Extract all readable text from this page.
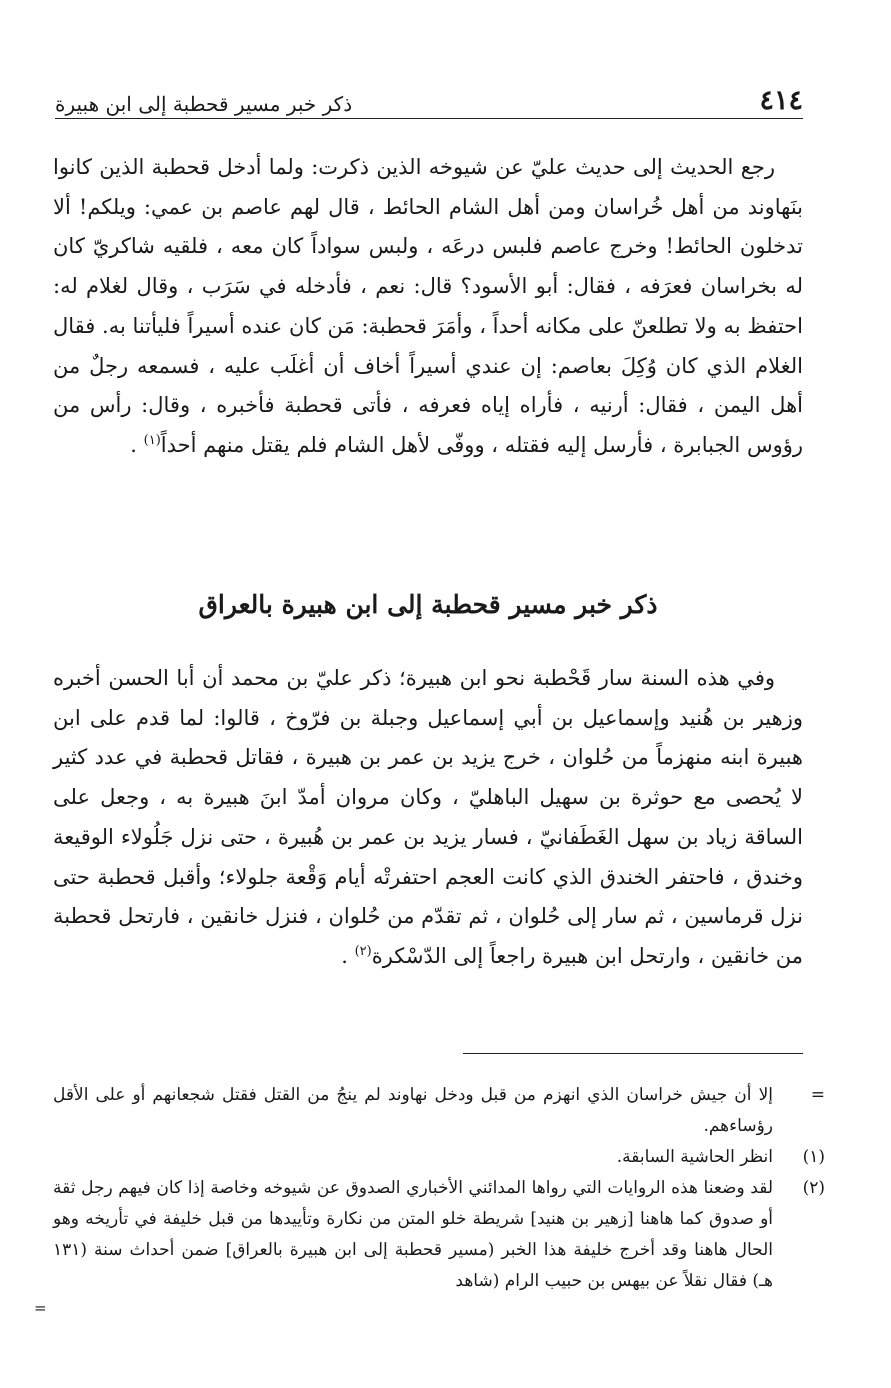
٤١٤
ذكر خبر مسير قحطبة إلى ابن هبيرة

رجع الحديث إلى حديث عليّ عن شيوخه الذين ذكرت: ولما أدخل قحطبة الذين كانوا بنَهاوند من أهل خُراسان ومن أهل الشام الحائط ، قال لهم عاصم بن عمي: ويلكم! ألا تدخلون الحائط! وخرج عاصم فلبس درعَه ، ولبس سواداً كان معه ، فلقيه شاكريّ كان له بخراسان فعرَفه ، فقال: أبو الأسود؟ قال: نعم ، فأدخله في سَرَب ، وقال لغلام له: احتفظ به ولا تطلعنّ على مكانه أحداً ، وأمَرَ قحطبة: مَن كان عنده أسيراً فليأتنا به. فقال الغلام الذي كان وُكِلَ بعاصم: إن عندي أسيراً أخاف أن أغلَب عليه ، فسمعه رجلٌ من أهل اليمن ، فقال: أرنيه ، فأراه إياه فعرفه ، فأتى قحطبة فأخبره ، وقال: رأس من رؤوس الجبابرة ، فأرسل إليه فقتله ، ووفّى لأهل الشام فلم يقتل منهم أحداً$^{(١)}$ .

ذكر خبر مسير قحطبة إلى ابن هبيرة بالعراق

وفي هذه السنة سار قَحْطبة نحو ابن هبيرة؛ ذكر عليّ بن محمد أن أبا الحسن أخبره وزهير بن هُنيد وإسماعيل بن أبي إسماعيل وجبلة بن فرّوخ ، قالوا: لما قدم على ابن هبيرة ابنه منهزماً من حُلوان ، خرج يزيد بن عمر بن هبيرة ، فقاتل قحطبة في عدد كثير لا يُحصى مع حوثرة بن سهيل الباهليّ ، وكان مروان أمدّ ابنَ هبيرة به ، وجعل على الساقة زياد بن سهل الغَطَفانيّ ، فسار يزيد بن عمر بن هُبيرة ، حتى نزل جَلُولاء الوقيعة وخندق ، فاحتفر الخندق الذي كانت العجم احتفرتْه أيام وَقْعة جلولاء؛ وأقبل قحطبة حتى نزل قرماسين ، ثم سار إلى حُلوان ، ثم تقدّم من حُلوان ، فنزل خانقين ، فارتحل قحطبة من خانقين ، وارتحل ابن هبيرة راجعاً إلى الدّسْكرة$^{(٢)}$ .

=
إلا أن جيش خراسان الذي انهزم من قبل ودخل نهاوند لم ينجُ من القتل فقتل شجعانهم أو على الأقل رؤساءهم.
(١)
انظر الحاشية السابقة.
(٢)
لقد وضعنا هذه الروايات التي رواها المدائني الأخباري الصدوق عن شيوخه وخاصة إذا كان فيهم رجل ثقة أو صدوق كما هاهنا [زهير بن هنيد] شريطة خلو المتن من نكارة وتأييدها من قبل خليفة في تأريخه وهو الحال هاهنا وقد أخرج خليفة هذا الخبر (مسير قحطبة إلى ابن هبيرة بالعراق] ضمن أحداث سنة (١٣١ هـ) فقال نقلاً عن بيهس بن حبيب الرام (شاهد
=
